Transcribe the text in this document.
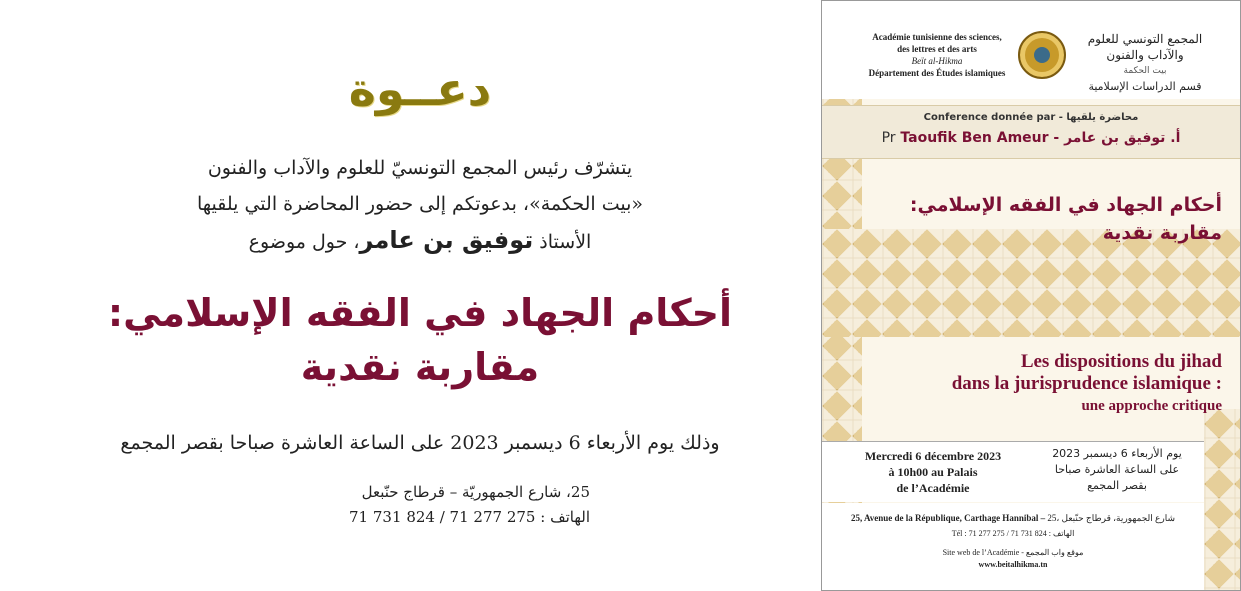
دعــوة
يتشرّف رئيس المجمع التونسيّ للعلوم والآداب والفنون
«بيت الحكمة»، بدعوتكم إلى حضور المحاضرة التي يلقيها
الأستاذ توفيق بن عامر، حول موضوع
أحكام الجهاد في الفقه الإسلامي:
مقاربة نقدية
وذلك يوم الأربعاء 6 ديسمبر 2023 على الساعة العاشرة صباحا بقصر المجمع
25، شارع الجمهوريّة – قرطاج حنّبعل
الهاتف : 275 277 71 / 824 731 71
Académie tunisienne des sciences,
des lettres et des arts
Beït al-Hikma
Département des Études islamiques
المجمع التونسي للعلوم والآداب والفنون
بيت الحكمة
قسم الدراسات الإسلامية
Conference donnée par - محاضرة يلقيها
Pr Taoufik Ben Ameur - أ. توفيق بن عامر
أحكام الجهاد في الفقه الإسلامي:
مقاربة نقدية
Les dispositions du jihad
dans la jurisprudence islamique :
une approche critique
Mercredi 6 décembre 2023
à 10h00 au Palais
de l’Académie
يوم الأربعاء 6 ديسمبر 2023
على الساعة العاشرة صباحا
بقصر المجمع
25, Avenue de la République, Carthage Hannibal – 25، شارع الجمهورية، قرطاج حنّبعل
Tél : 71 277 275 / 71 731 824 : الهاتف
Site web de l’Académie - موقع واب المجمع
www.beitalhikma.tn
